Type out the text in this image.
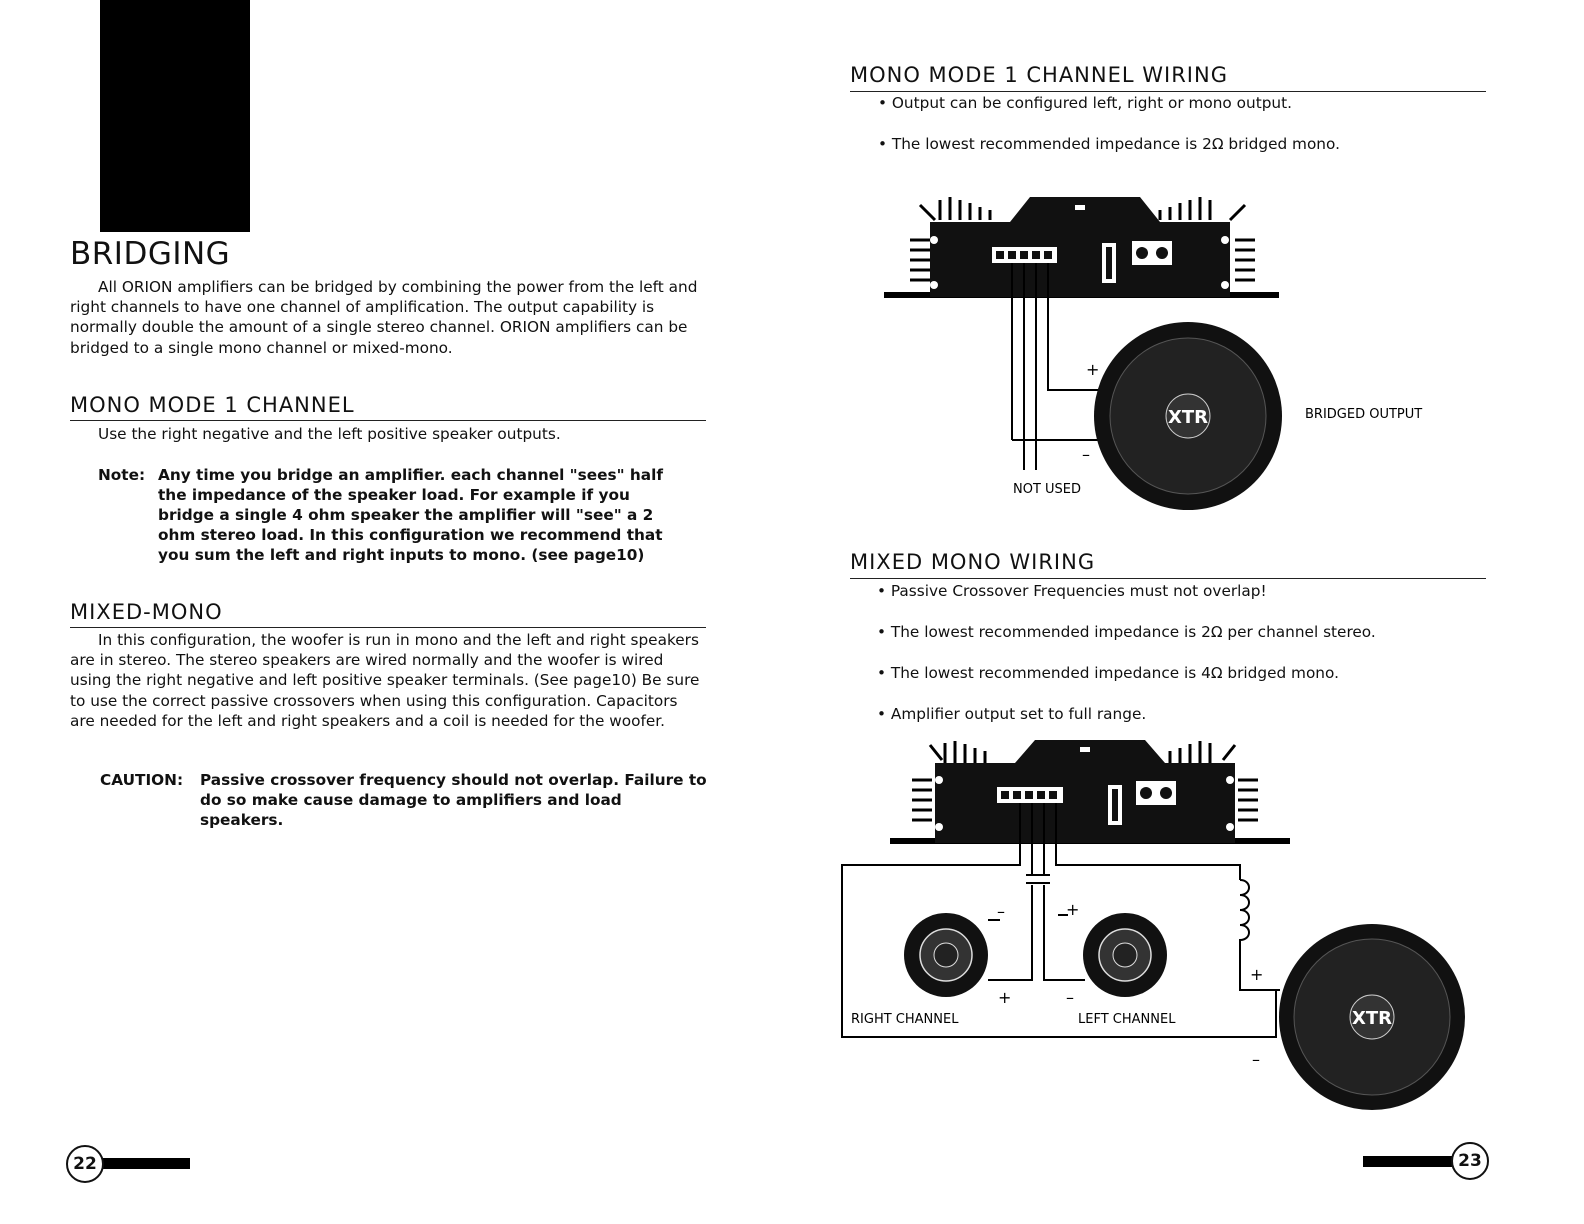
BRIDGING

All ORION amplifiers can be bridged by combining the power from the left and right channels to have one channel of amplification. The output capability is normally double the amount of a single stereo channel. ORION amplifiers can be bridged to a single mono channel or mixed-mono.

MONO MODE 1 CHANNEL

Use the right negative and the left positive speaker outputs.

Note: Any time you bridge an amplifier. each channel "sees" half the impedance of the speaker load. For example if you bridge a single 4 ohm speaker the amplifier will "see" a 2 ohm stereo load. In this configuration we recommend that you sum the left and right inputs to mono. (see page10)
MIXED-MONO

In this configuration, the woofer is run in mono and the left and right speakers are in stereo. The stereo speakers are wired normally and the woofer is wired using the right negative and left positive speaker terminals. (See page10) Be sure to use the correct passive crossovers when using this configuration. Capacitors are needed for the left and right speakers and a coil is needed for the woofer.

CAUTION: Passive crossover frequency should not overlap. Failure to do so make cause damage to amplifiers and load speakers.
22
MONO MODE 1 CHANNEL WIRING

• Output can be configured left, right or mono output.

• The lowest recommended impedance is 2Ω bridged mono.

XTR
+
–
NOT USED
BRIDGED OUTPUT
MIXED MONO WIRING

• Passive Crossover Frequencies must not overlap!

• The lowest recommended impedance is 2Ω per channel stereo.

• The lowest recommended impedance is 4Ω bridged mono.

• Amplifier output set to full range.

XTR
–	+
+	–
+
–
RIGHT CHANNEL	LEFT CHANNEL
23
